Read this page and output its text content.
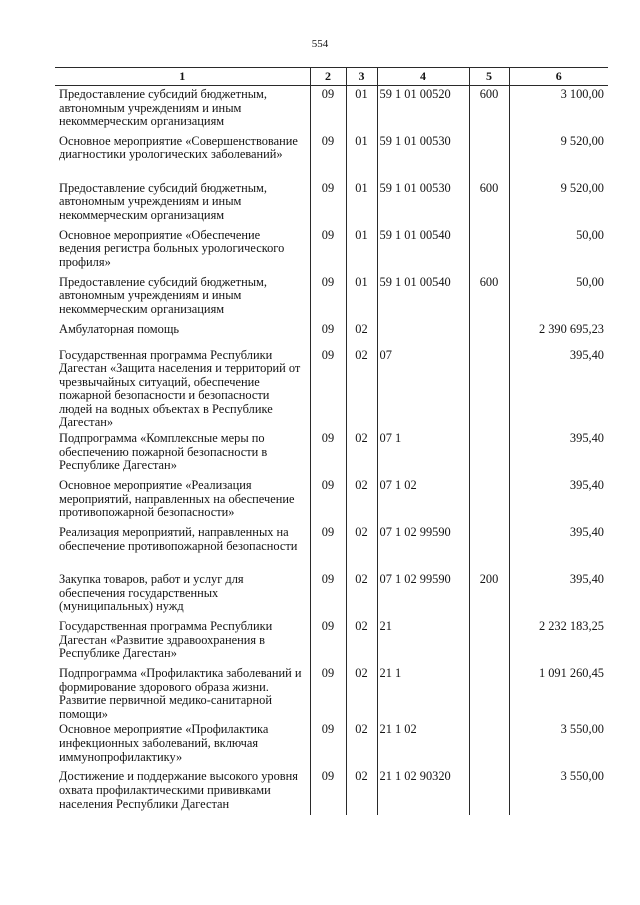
554
1	2	3	4	5	6
Предоставление субсидий бюджетным, автономным учреждениям и иным некоммерческим организациям	09	01	59 1 01 00520	600	3 100,00
Основное мероприятие «Совершенствование диагностики урологических заболеваний»	09	01	59 1 01 00530		9 520,00
Предоставление субсидий бюджетным, автономным учреждениям и иным некоммерческим организациям	09	01	59 1 01 00530	600	9 520,00
Основное мероприятие «Обеспечение ведения регистра больных урологического профиля»	09	01	59 1 01 00540		50,00
Предоставление субсидий бюджетным, автономным учреждениям и иным некоммерческим организациям	09	01	59 1 01 00540	600	50,00
Амбулаторная помощь	09	02			2 390 695,23
Государственная программа Республики Дагестан «Защита населения и территорий от чрезвычайных ситуаций, обеспечение пожарной безопасности и безопасности людей на водных объектах в Республике Дагестан»	09	02	07		395,40
Подпрограмма «Комплексные меры по обеспечению пожарной безопасности в Республике Дагестан»	09	02	07 1		395,40
Основное мероприятие «Реализация мероприятий, направленных на обеспечение противопожарной безопасности»	09	02	07 1 02		395,40
Реализация мероприятий, направленных на обеспечение противопожарной безопасности	09	02	07 1 02 99590		395,40
Закупка товаров, работ и услуг для обеспечения государственных (муниципальных) нужд	09	02	07 1 02 99590	200	395,40
Государственная программа Республики Дагестан «Развитие здравоохранения в Республике Дагестан»	09	02	21		2 232 183,25
Подпрограмма «Профилактика заболеваний и формирование здорового образа жизни. Развитие первичной медико-санитарной помощи»	09	02	21 1		1 091 260,45
Основное мероприятие «Профилактика инфекционных заболеваний, включая иммунопрофилактику»	09	02	21 1 02		3 550,00
Достижение и поддержание высокого уровня охвата профилактическими прививками населения Республики Дагестан	09	02	21 1 02 90320		3 550,00
